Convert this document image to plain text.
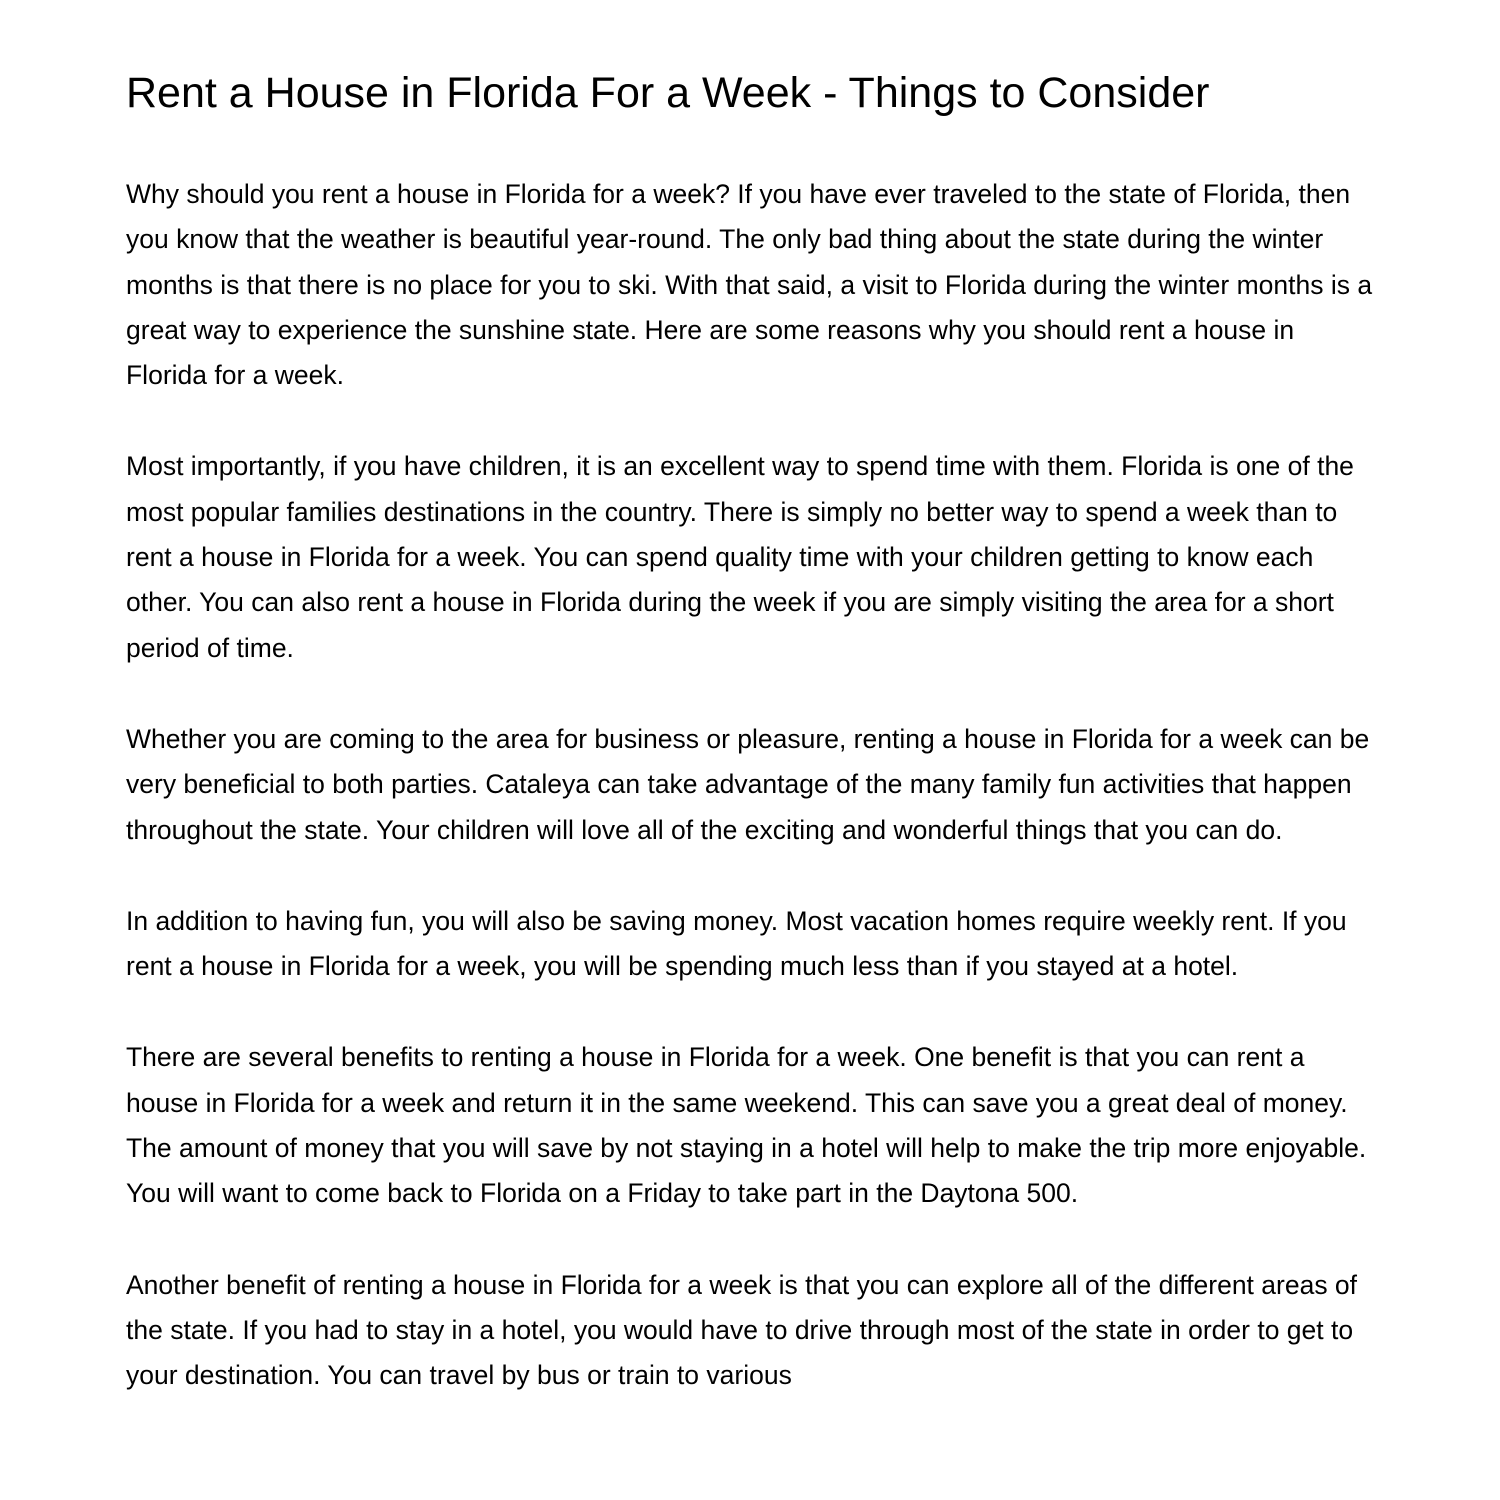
Rent a House in Florida For a Week - Things to Consider

Why should you rent a house in Florida for a week? If you have ever traveled to the state of Florida, then you know that the weather is beautiful year-round. The only bad thing about the state during the winter months is that there is no place for you to ski. With that said, a visit to Florida during the winter months is a great way to experience the sunshine state. Here are some reasons why you should rent a house in Florida for a week.

Most importantly, if you have children, it is an excellent way to spend time with them. Florida is one of the most popular families destinations in the country. There is simply no better way to spend a week than to rent a house in Florida for a week. You can spend quality time with your children getting to know each other. You can also rent a house in Florida during the week if you are simply visiting the area for a short period of time.

Whether you are coming to the area for business or pleasure, renting a house in Florida for a week can be very beneficial to both parties. Cataleya can take advantage of the many family fun activities that happen throughout the state. Your children will love all of the exciting and wonderful things that you can do.

In addition to having fun, you will also be saving money. Most vacation homes require weekly rent. If you rent a house in Florida for a week, you will be spending much less than if you stayed at a hotel.

There are several benefits to renting a house in Florida for a week. One benefit is that you can rent a house in Florida for a week and return it in the same weekend. This can save you a great deal of money. The amount of money that you will save by not staying in a hotel will help to make the trip more enjoyable. You will want to come back to Florida on a Friday to take part in the Daytona 500.

Another benefit of renting a house in Florida for a week is that you can explore all of the different areas of the state. If you had to stay in a hotel, you would have to drive through most of the state in order to get to your destination. You can travel by bus or train to various
